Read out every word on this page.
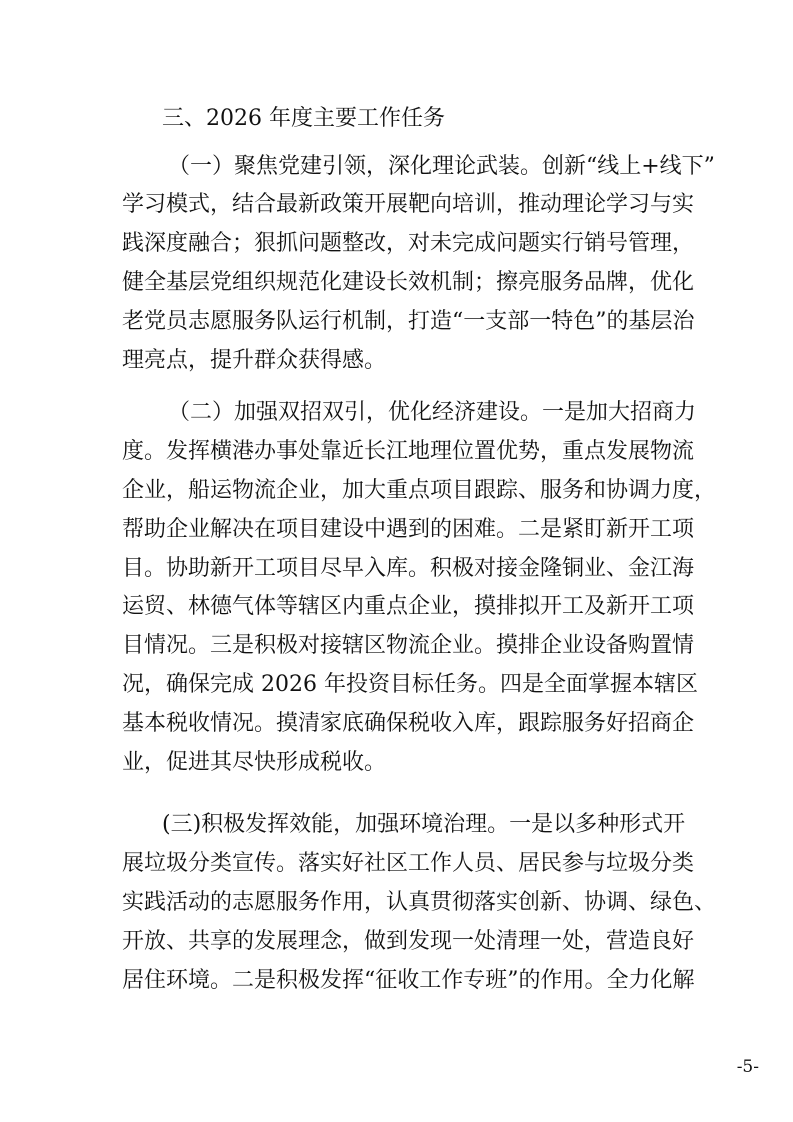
三、2026 年度主要工作任务

（一）聚焦党建引领，深化理论武装。创新“线上+线下”

学习模式，结合最新政策开展靶向培训，推动理论学习与实

践深度融合；狠抓问题整改，对未完成问题实行销号管理，

健全基层党组织规范化建设长效机制；擦亮服务品牌，优化

老党员志愿服务队运行机制，打造“一支部一特色”的基层治

理亮点，提升群众获得感。

（二）加强双招双引，优化经济建设。一是加大招商力

度。发挥横港办事处靠近长江地理位置优势，重点发展物流

企业，船运物流企业，加大重点项目跟踪、服务和协调力度，

帮助企业解决在项目建设中遇到的困难。二是紧盯新开工项

目。协助新开工项目尽早入库。积极对接金隆铜业、金江海

运贸、林德气体等辖区内重点企业，摸排拟开工及新开工项

目情况。三是积极对接辖区物流企业。摸排企业设备购置情

况，确保完成 2026 年投资目标任务。四是全面掌握本辖区

基本税收情况。摸清家底确保税收入库，跟踪服务好招商企

业，促进其尽快形成税收。

(三)积极发挥效能，加强环境治理。一是以多种形式开

展垃圾分类宣传。落实好社区工作人员、居民参与垃圾分类

实践活动的志愿服务作用，认真贯彻落实创新、协调、绿色、

开放、共享的发展理念，做到发现一处清理一处，营造良好

居住环境。二是积极发挥“征收工作专班”的作用。全力化解

-5-
